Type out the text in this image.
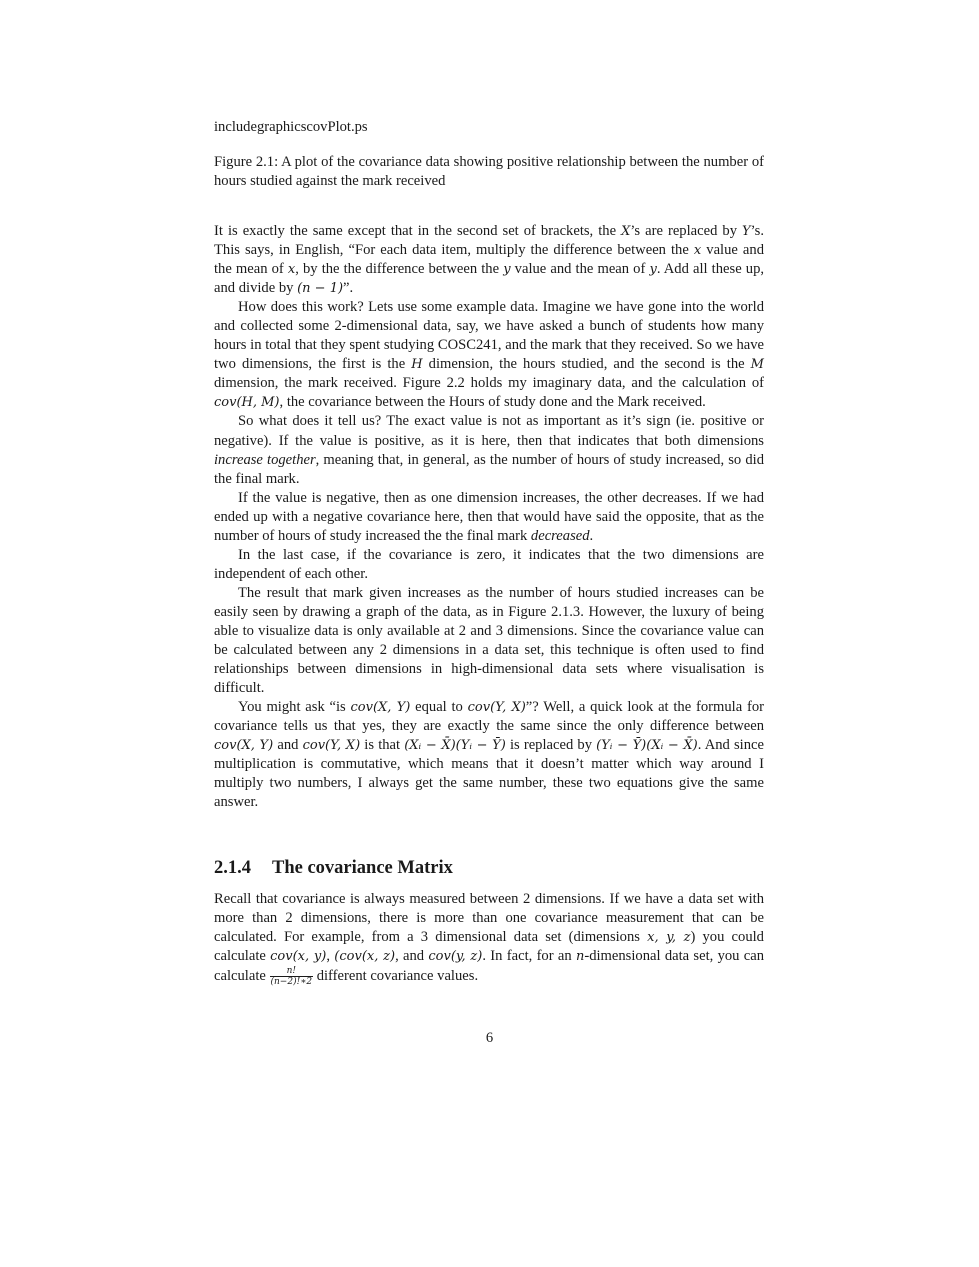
includegraphicscovPlot.ps
Figure 2.1: A plot of the covariance data showing positive relationship between the number of hours studied against the mark received

It is exactly the same except that in the second set of brackets, the X’s are replaced by Y’s. This says, in English, “For each data item, multiply the difference between the x value and the mean of x, by the the difference between the y value and the mean of y. Add all these up, and divide by (n − 1)”.

How does this work? Lets use some example data. Imagine we have gone into the world and collected some 2-dimensional data, say, we have asked a bunch of students how many hours in total that they spent studying COSC241, and the mark that they received. So we have two dimensions, the first is the H dimension, the hours studied, and the second is the M dimension, the mark received. Figure 2.2 holds my imaginary data, and the calculation of cov(H, M), the covariance between the Hours of study done and the Mark received.

So what does it tell us? The exact value is not as important as it’s sign (ie. positive or negative). If the value is positive, as it is here, then that indicates that both dimensions increase together, meaning that, in general, as the number of hours of study increased, so did the final mark.

If the value is negative, then as one dimension increases, the other decreases. If we had ended up with a negative covariance here, then that would have said the opposite, that as the number of hours of study increased the the final mark decreased.

In the last case, if the covariance is zero, it indicates that the two dimensions are independent of each other.

The result that mark given increases as the number of hours studied increases can be easily seen by drawing a graph of the data, as in Figure 2.1.3. However, the luxury of being able to visualize data is only available at 2 and 3 dimensions. Since the covariance value can be calculated between any 2 dimensions in a data set, this technique is often used to find relationships between dimensions in high-dimensional data sets where visualisation is difficult.

You might ask “is cov(X, Y) equal to cov(Y, X)”? Well, a quick look at the formula for covariance tells us that yes, they are exactly the same since the only difference between cov(X, Y) and cov(Y, X) is that (Xᵢ − X̄)(Yᵢ − Ȳ) is replaced by (Yᵢ − Ȳ)(Xᵢ − X̄). And since multiplication is commutative, which means that it doesn’t matter which way around I multiply two numbers, I always get the same number, these two equations give the same answer.

2.1.4 The covariance Matrix

Recall that covariance is always measured between 2 dimensions. If we have a data set with more than 2 dimensions, there is more than one covariance measurement that can be calculated. For example, from a 3 dimensional data set (dimensions x, y, z) you could calculate cov(x, y), (cov(x, z), and cov(y, z). In fact, for an n-dimensional data set, you can calculate $\frac{n!}{(n-2)!∗2}$ different covariance values.

6
